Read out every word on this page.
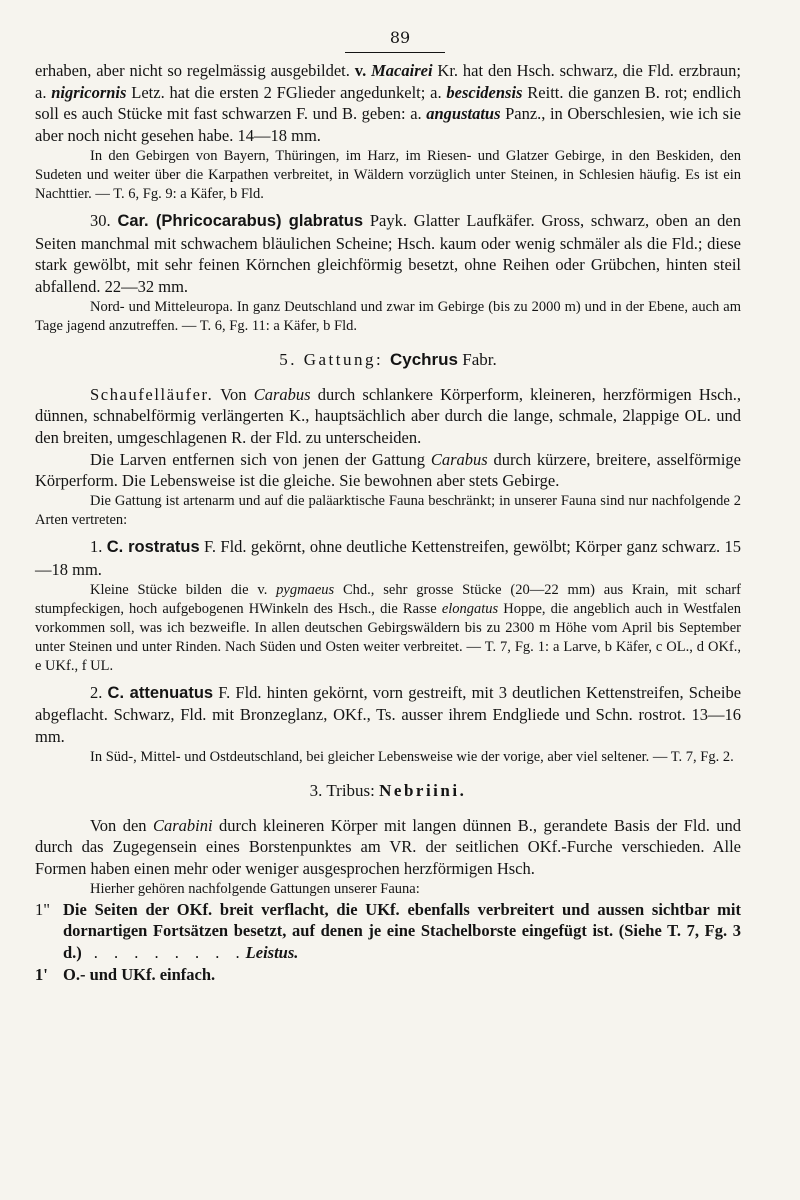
89

erhaben, aber nicht so regelmässig ausgebildet. v. Macairei Kr. hat den Hsch. schwarz, die Fld. erzbraun; a. nigricornis Letz. hat die ersten 2 FGlieder angedunkelt; a. bescidensis Reitt. die ganzen B. rot; endlich soll es auch Stücke mit fast schwarzen F. und B. geben: a. angustatus Panz., in Oberschlesien, wie ich sie aber noch nicht gesehen habe. 14—18 mm.

In den Gebirgen von Bayern, Thüringen, im Harz, im Riesen- und Glatzer Gebirge, in den Beskiden, den Sudeten und weiter über die Karpathen verbreitet, in Wäldern vorzüglich unter Steinen, in Schlesien häufig. Es ist ein Nachttier. — T. 6, Fg. 9: a Käfer, b Fld.

30. Car. (Phricocarabus) glabratus Payk. Glatter Laufkäfer. Gross, schwarz, oben an den Seiten manchmal mit schwachem bläulichen Scheine; Hsch. kaum oder wenig schmäler als die Fld.; diese stark gewölbt, mit sehr feinen Körnchen gleichförmig besetzt, ohne Reihen oder Grübchen, hinten steil abfallend. 22—32 mm.

Nord- und Mitteleuropa. In ganz Deutschland und zwar im Gebirge (bis zu 2000 m) und in der Ebene, auch am Tage jagend anzutreffen. — T. 6, Fg. 11: a Käfer, b Fld.

5. Gattung: Cychrus Fabr.

Schaufelläufer. Von Carabus durch schlankere Körperform, kleineren, herzförmigen Hsch., dünnen, schnabelförmig verlängerten K., hauptsächlich aber durch die lange, schmale, 2lappige OL. und den breiten, umgeschlagenen R. der Fld. zu unterscheiden.

Die Larven entfernen sich von jenen der Gattung Carabus durch kürzere, breitere, asselförmige Körperform. Die Lebensweise ist die gleiche. Sie bewohnen aber stets Gebirge.

Die Gattung ist artenarm und auf die paläarktische Fauna beschränkt; in unserer Fauna sind nur nachfolgende 2 Arten vertreten:

1. C. rostratus F. Fld. gekörnt, ohne deutliche Kettenstreifen, gewölbt; Körper ganz schwarz. 15—18 mm.

Kleine Stücke bilden die v. pygmaeus Chd., sehr grosse Stücke (20—22 mm) aus Krain, mit scharf stumpfeckigen, hoch aufgebogenen HWinkeln des Hsch., die Rasse elongatus Hoppe, die angeblich auch in Westfalen vorkommen soll, was ich bezweifle. In allen deutschen Gebirgswäldern bis zu 2300 m Höhe vom April bis September unter Steinen und unter Rinden. Nach Süden und Osten weiter verbreitet. — T. 7, Fg. 1: a Larve, b Käfer, c OL., d OKf., e UKf., f UL.

2. C. attenuatus F. Fld. hinten gekörnt, vorn gestreift, mit 3 deutlichen Kettenstreifen, Scheibe abgeflacht. Schwarz, Fld. mit Bronzeglanz, OKf., Ts. ausser ihrem Endgliede und Schn. rostrot. 13—16 mm.

In Süd-, Mittel- und Ostdeutschland, bei gleicher Lebensweise wie der vorige, aber viel seltener. — T. 7, Fg. 2.

3. Tribus: Nebriini.

Von den Carabini durch kleineren Körper mit langen dünnen B., gerandete Basis der Fld. und durch das Zugegensein eines Borstenpunktes am VR. der seitlichen OKf.-Furche verschieden. Alle Formen haben einen mehr oder weniger ausgesprochen herzförmigen Hsch.

Hierher gehören nachfolgende Gattungen unserer Fauna:

1" Die Seiten der OKf. breit verflacht, die UKf. ebenfalls verbreitert und aussen sichtbar mit dornartigen Fortsätzen besetzt, auf denen je eine Stachelborste eingefügt ist. (Siehe T. 7, Fg. 3 d.) . . . . . . . .Leistus.
1' O.- und UKf. einfach.
